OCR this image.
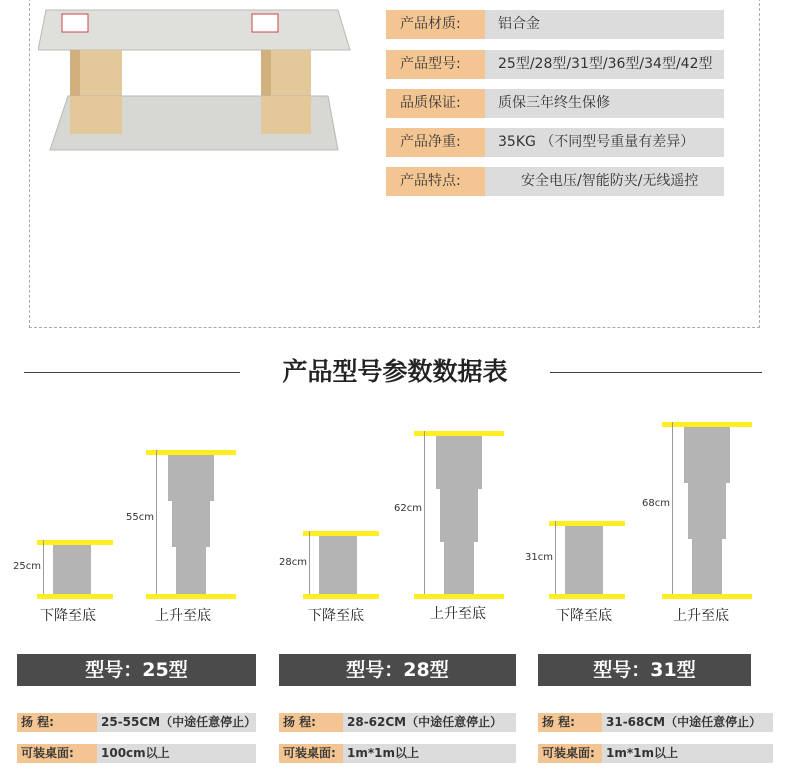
产品材质:	铝合金
产品型号:	25型/28型/31型/36型/34型/42型
品质保证:	质保三年终生保修
产品净重:	35KG （不同型号重量有差异）
产品特点:	安全电压/智能防夹/无线遥控
产品型号参数数据表
25cm
下降至底
55cm
上升至底
28cm
下降至底
62cm
上升至底
31cm
下降至底
68cm
上升至底
型号：25型
扬 程:	25-55CM（中途任意停止）
可装桌面:	100cm以上
型号：28型
扬 程:	28-62CM（中途任意停止）
可装桌面: 1m*1m以上
型号：31型
扬 程:	31-68CM（中途任意停止）
可装桌面: 1m*1m以上
